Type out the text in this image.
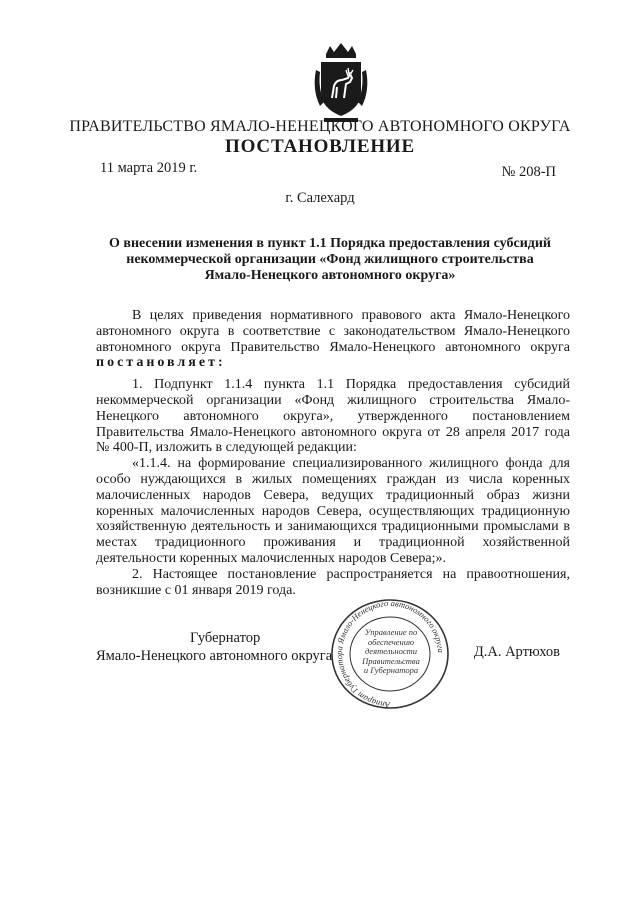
ПРАВИТЕЛЬСТВО ЯМАЛО-НЕНЕЦКОГО АВТОНОМНОГО ОКРУГА
ПОСТАНОВЛЕНИЕ
11 марта 2019 г.	№ 208-П
г. Салехард
О внесении изменения в пункт 1.1 Порядка предоставления субсидий
некоммерческой организации «Фонд жилищного строительства
Ямало-Ненецкого автономного округа»

В целях приведения нормативного правового акта Ямало-Ненецкого автономного округа в соответствие с законодательством Ямало-Ненецкого автономного округа Правительство Ямало-Ненецкого автономного округа постановляет:

1. Подпункт 1.1.4 пункта 1.1 Порядка предоставления субсидий некоммерческой организации «Фонд жилищного строительства Ямало-Ненецкого автономного округа», утвержденного постановлением Правительства Ямало-Ненецкого автономного округа от 28 апреля 2017 года № 400-П, изложить в следующей редакции:

«1.1.4. на формирование специализированного жилищного фонда для особо нуждающихся в жилых помещениях граждан из числа коренных малочисленных народов Севера, ведущих традиционный образ жизни коренных малочисленных народов Севера, осуществляющих традиционную хозяйственную деятельность и занимающихся традиционными промыслами в местах традиционного проживания и традиционной хозяйственной деятельности коренных малочисленных народов Севера;».

2. Настоящее постановление распространяется на правоотношения, возникшие с 01 января 2019 года.

Губернатор
Ямало-Ненецкого автономного округа
Аппарат Губернатора Ямало-Ненецкого автономного округа
Управление по обеспечению деятельности Правительства и Губернатора
Д.А. Артюхов
